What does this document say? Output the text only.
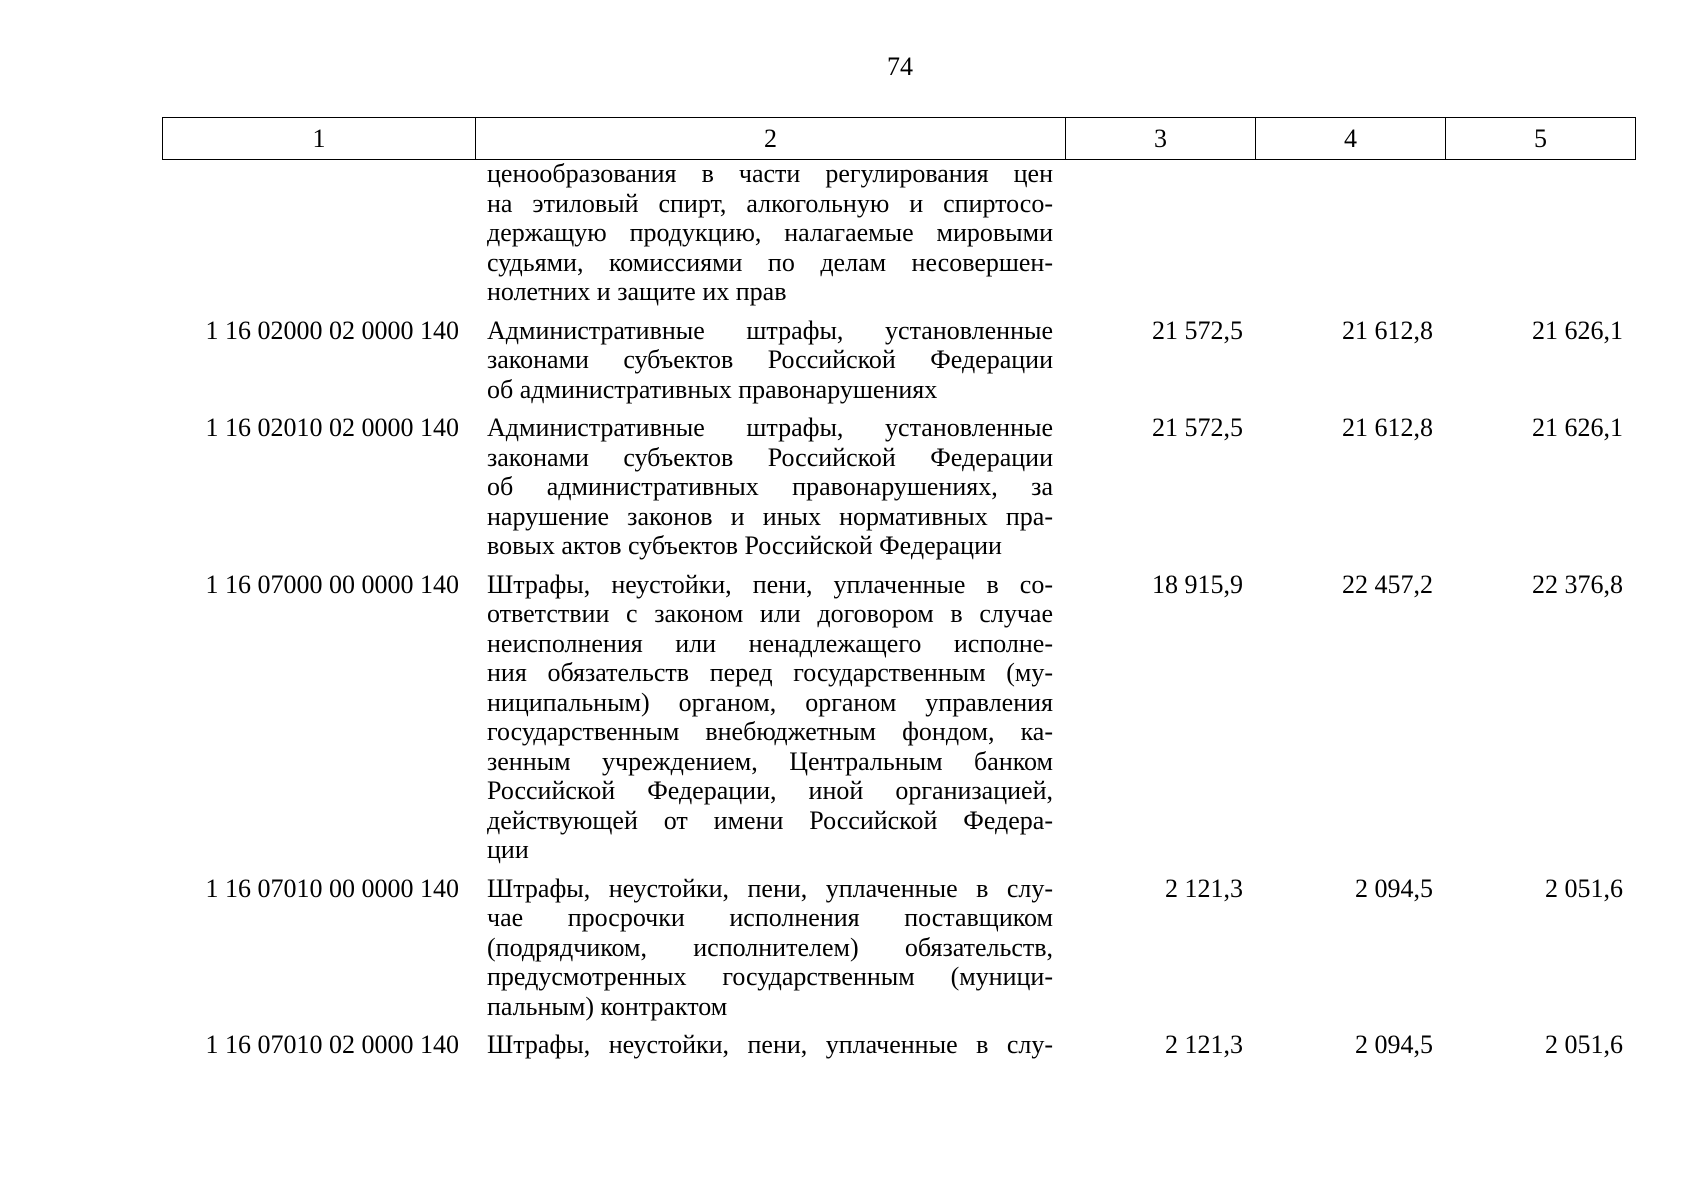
74
1	2	3	4	5
ценообразования в части регулирования цен
на этиловый спирт, алкогольную и спиртосо-
держащую продукцию, налагаемые мировыми
судьями, комиссиями по делам несовершен-
нолетних и защите их прав
1 16 02000 02 0000 140	Административные штрафы, установленные
законами субъектов Российской Федерации
об административных правонарушениях
21 572,5	21 612,8	21 626,1
1 16 02010 02 0000 140	Административные штрафы, установленные
законами субъектов Российской Федерации
об административных правонарушениях, за
нарушение законов и иных нормативных пра-
вовых актов субъектов Российской Федерации
21 572,5	21 612,8	21 626,1
1 16 07000 00 0000 140	Штрафы, неустойки, пени, уплаченные в со-
ответствии с законом или договором в случае
неисполнения или ненадлежащего исполне-
ния обязательств перед государственным (му-
ниципальным) органом, органом управления
государственным внебюджетным фондом, ка-
зенным учреждением, Центральным банком
Российской Федерации, иной организацией,
действующей от имени Российской Федера-
ции
18 915,9	22 457,2	22 376,8
1 16 07010 00 0000 140	Штрафы, неустойки, пени, уплаченные в слу-
чае просрочки исполнения поставщиком
(подрядчиком, исполнителем) обязательств,
предусмотренных государственным (муници-
пальным) контрактом
2 121,3	2 094,5	2 051,6
1 16 07010 02 0000 140	Штрафы, неустойки, пени, уплаченные в слу-	2 121,3	2 094,5	2 051,6
